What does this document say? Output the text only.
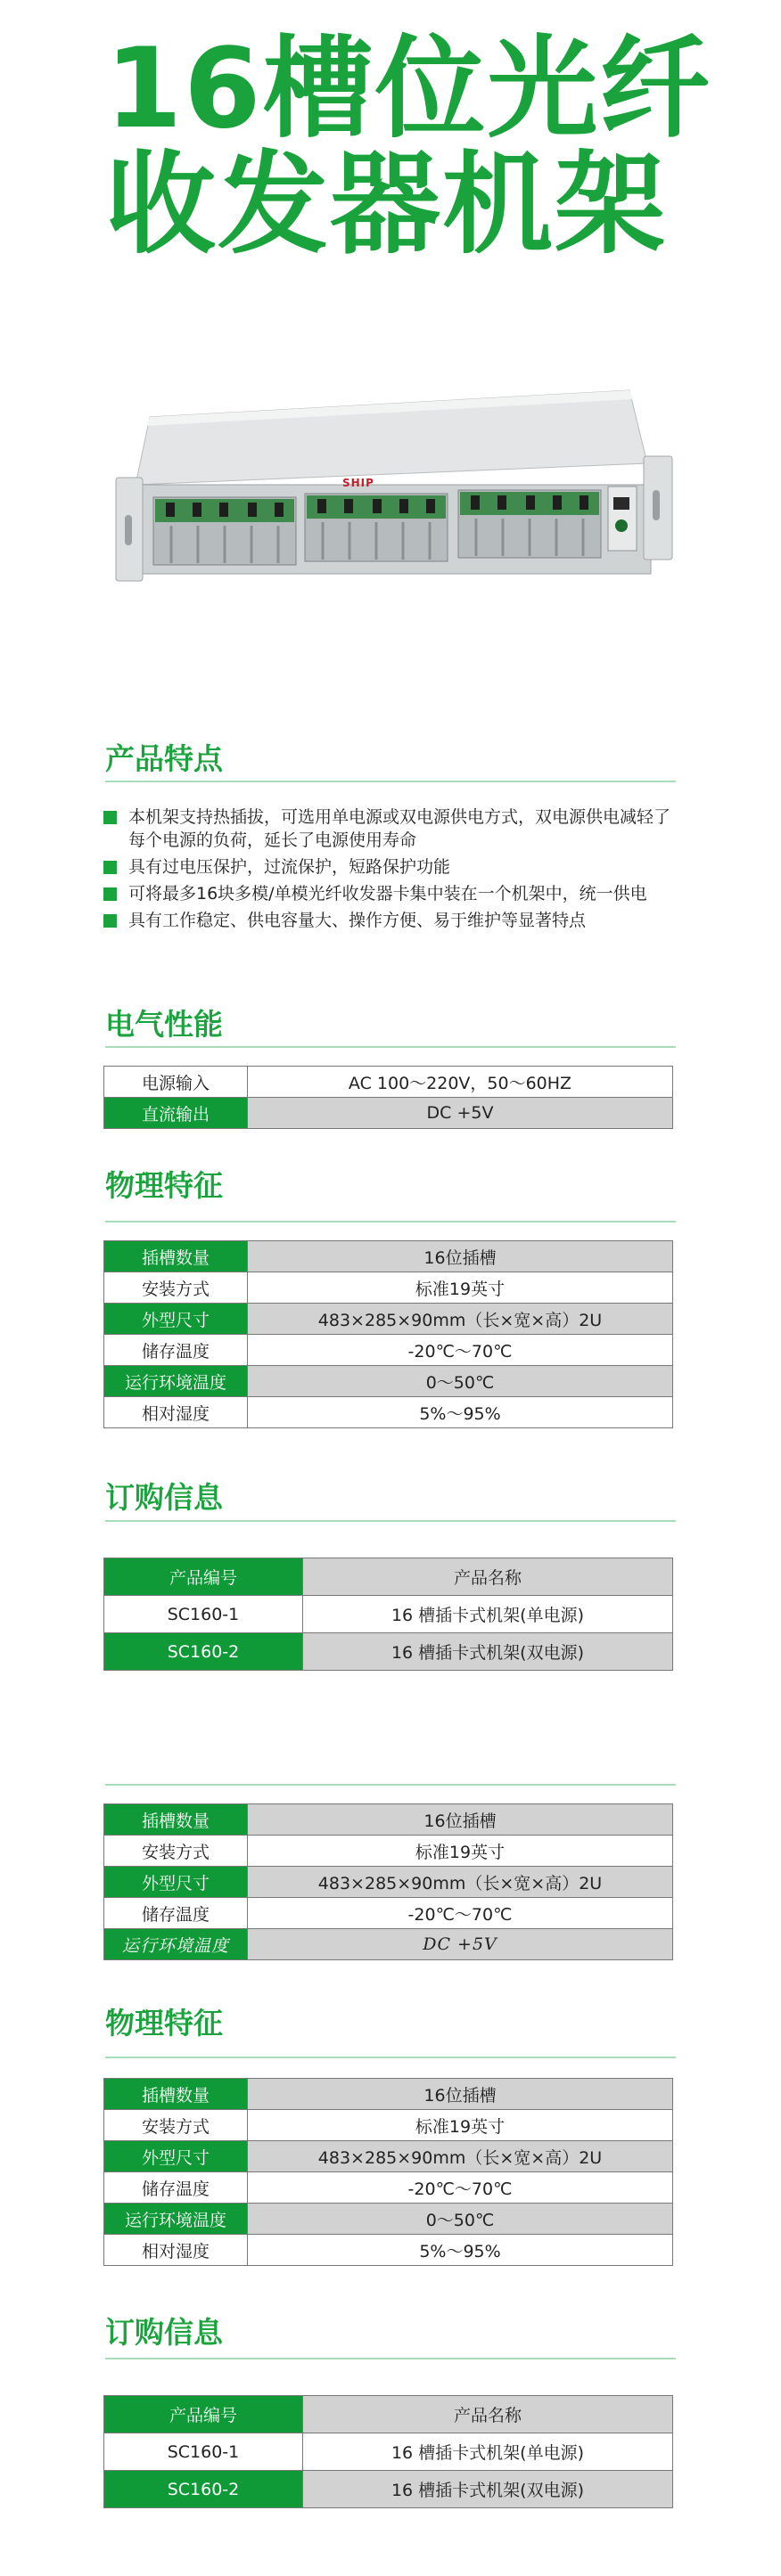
16槽位光纤
收发器机架
SHIP
产品特点
本机架支持热插拔，可选用单电源或双电源供电方式，双电源供电减轻了每个电源的负荷，延长了电源使用寿命
具有过电压保护，过流保护，短路保护功能
可将最多16块多模/单模光纤收发器卡集中装在一个机架中，统一供电
具有工作稳定、供电容量大、操作方便、易于维护等显著特点
电气性能
电源输入	AC 100～220V，50～60HZ
直流输出	DC +5V
物理特征
插槽数量	16位插槽
安装方式	标准19英寸
外型尺寸	483×285×90mm（长×宽×高）2U
储存温度	-20℃～70℃
运行环境温度	0～50℃
相对湿度	5%～95%
订购信息
产品编号	产品名称
SC160-1	16 槽插卡式机架(单电源)
SC160-2	16 槽插卡式机架(双电源)
插槽数量	16位插槽
安装方式	标准19英寸
外型尺寸	483×285×90mm（长×宽×高）2U
储存温度	-20℃～70℃
运行环境温度	DC +5V
物理特征
插槽数量	16位插槽
安装方式	标准19英寸
外型尺寸	483×285×90mm（长×宽×高）2U
储存温度	-20℃～70℃
运行环境温度	0～50℃
相对湿度	5%～95%
订购信息
产品编号	产品名称
SC160-1	16 槽插卡式机架(单电源)
SC160-2	16 槽插卡式机架(双电源)
